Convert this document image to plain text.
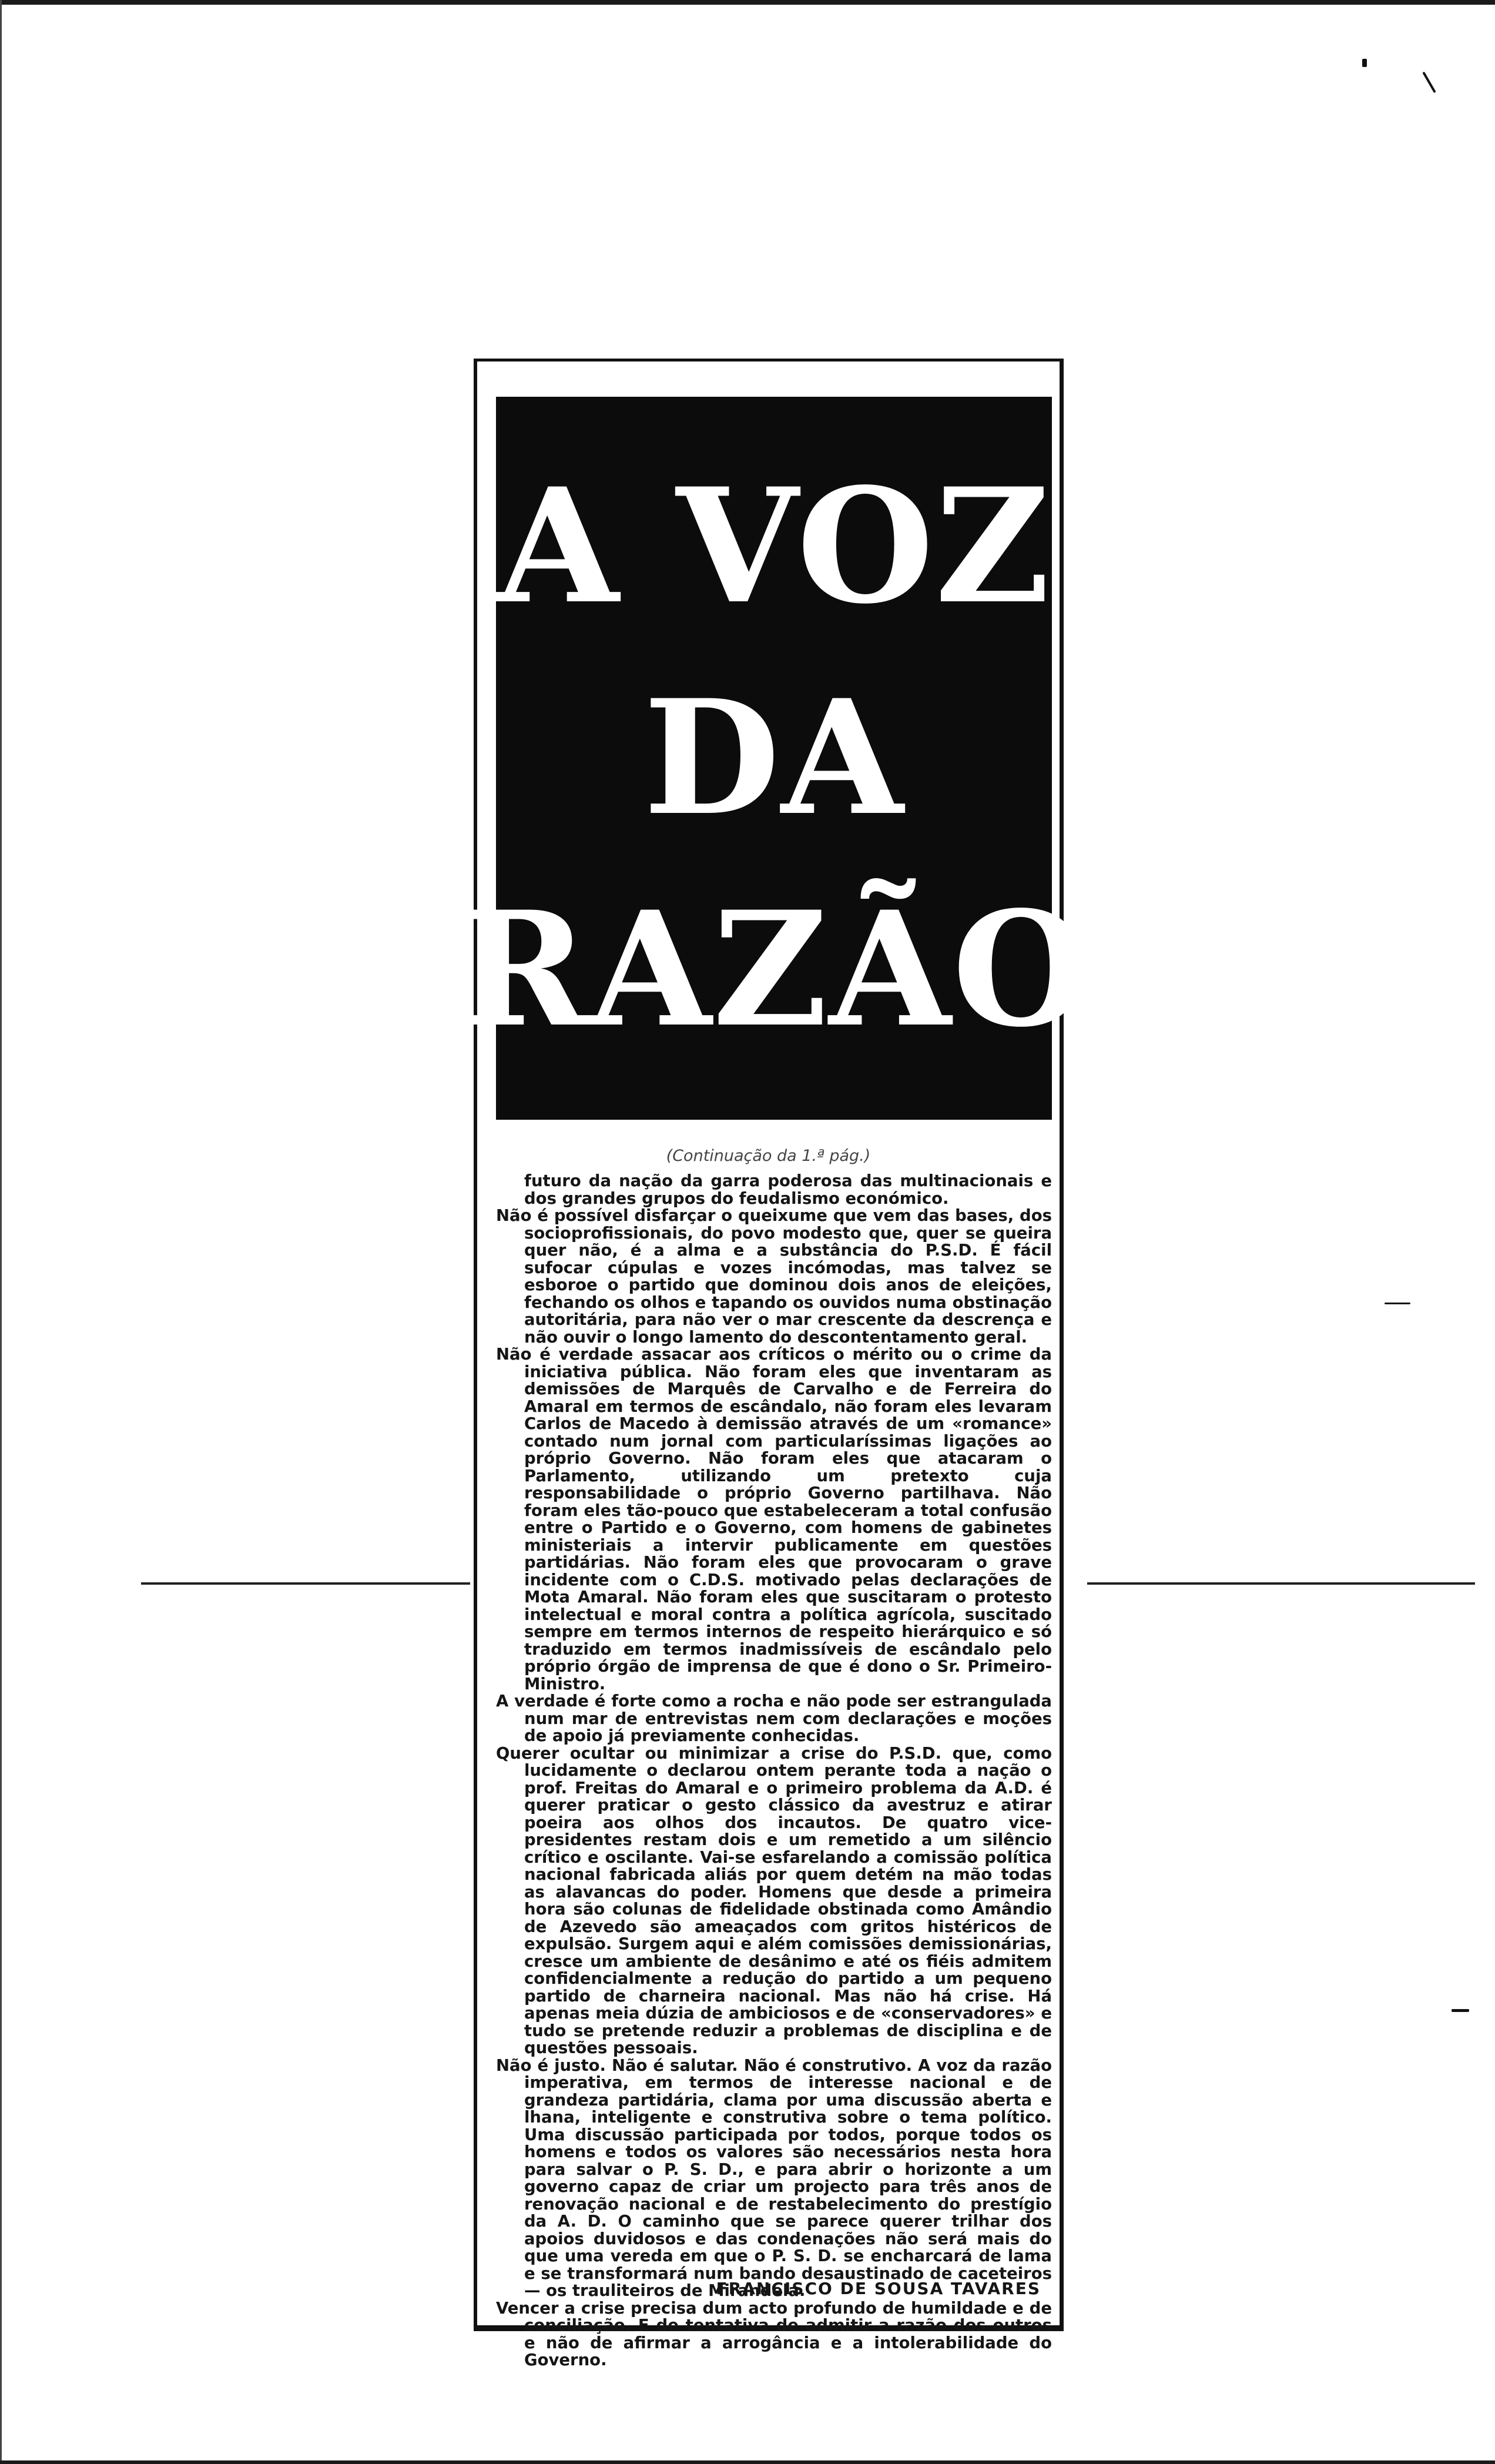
A VOZ
DA
RAZÃO
(Continuação da 1.ª pág.)

futuro da nação da garra poderosa das multinacionais e dos grandes grupos do feudalismo económico.

Não é possível disfarçar o queixume que vem das bases, dos socioprofissionais, do povo modesto que, quer se queira quer não, é a alma e a substância do P.S.D. É fácil sufocar cúpulas e vozes incómodas, mas talvez se esboroe o partido que dominou dois anos de eleições, fechando os olhos e tapando os ouvidos numa obstinação autoritária, para não ver o mar crescente da descrença e não ouvir o longo lamento do descontentamento geral.

Não é verdade assacar aos críticos o mérito ou o crime da iniciativa pública. Não foram eles que inventaram as demissões de Marquês de Carvalho e de Ferreira do Amaral em termos de escândalo, não foram eles levaram Carlos de Macedo à demissão através de um «romance» contado num jornal com particularíssimas ligações ao próprio Governo. Não foram eles que atacaram o Parlamento, utilizando um pretexto cuja responsabilidade o próprio Governo partilhava. Não foram eles tão-pouco que estabeleceram a total confusão entre o Partido e o Governo, com homens de gabinetes ministeriais a intervir publicamente em questões partidárias. Não foram eles que provocaram o grave incidente com o C.D.S. motivado pelas declarações de Mota Amaral. Não foram eles que suscitaram o protesto intelectual e moral contra a política agrícola, suscitado sempre em termos internos de respeito hierárquico e só traduzido em termos inadmissíveis de escândalo pelo próprio órgão de imprensa de que é dono o Sr. Primeiro-Ministro.

A verdade é forte como a rocha e não pode ser estrangulada num mar de entrevistas nem com declarações e moções de apoio já previamente conhecidas.

Querer ocultar ou minimizar a crise do P.S.D. que, como lucidamente o declarou ontem perante toda a nação o prof. Freitas do Amaral e o primeiro problema da A.D. é querer praticar o gesto clássico da avestruz e atirar poeira aos olhos dos incautos. De quatro vice-presidentes restam dois e um remetido a um silêncio crítico e oscilante. Vai-se esfarelando a comissão política nacional fabricada aliás por quem detém na mão todas as alavancas do poder. Homens que desde a primeira hora são colunas de fidelidade obstinada como Amândio de Azevedo são ameaçados com gritos histéricos de expulsão. Surgem aqui e além comissões demissionárias, cresce um ambiente de desânimo e até os fiéis admitem confidencialmente a redução do partido a um pequeno partido de charneira nacional. Mas não há crise. Há apenas meia dúzia de ambiciosos e de «conservadores» e tudo se pretende reduzir a problemas de disciplina e de questões pessoais.

Não é justo. Não é salutar. Não é construtivo. A voz da razão imperativa, em termos de interesse nacional e de grandeza partidária, clama por uma discussão aberta e lhana, inteligente e construtiva sobre o tema político. Uma discussão participada por todos, porque todos os homens e todos os valores são necessários nesta hora para salvar o P. S. D., e para abrir o horizonte a um governo capaz de criar um projecto para três anos de renovação nacional e de restabelecimento do prestígio da A. D. O caminho que se parece querer trilhar dos apoios duvidosos e das condenações não será mais do que uma vereda em que o P. S. D. se encharcará de lama e se transformará num bando desaustinado de caceteiros — os trauliteiros de Mirandela.

Vencer a crise precisa dum acto profundo de humildade e de conciliação. E de tentativa de admitir a razão dos outros e não de afirmar a arrogância e a intolerabilidade do Governo.

FRANCISCO DE SOUSA TAVARES
